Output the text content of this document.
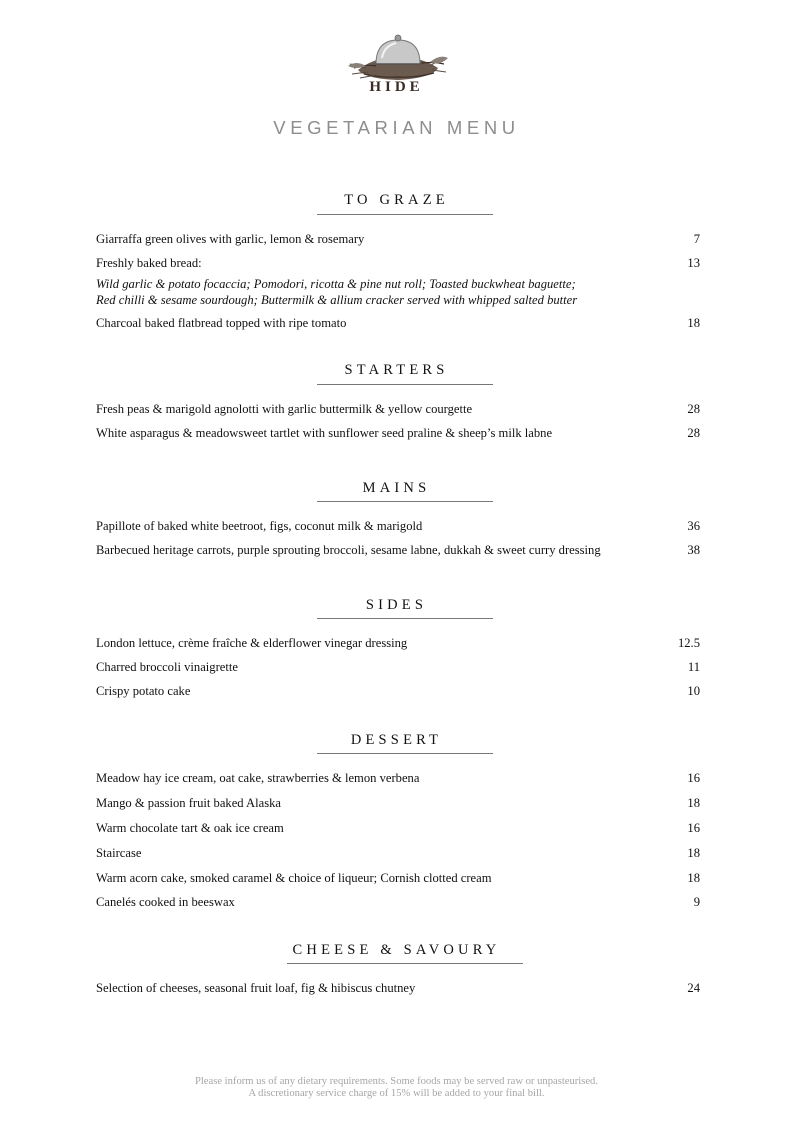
HIDE
VEGETARIAN MENU
TO GRAZE
Giarraffa green olives with garlic, lemon & rosemary	7
Freshly baked bread:	13
Wild garlic & potato focaccia; Pomodori, ricotta & pine nut roll; Toasted buckwheat baguette;
Red chilli & sesame sourdough; Buttermilk & allium cracker served with whipped salted butter
Charcoal baked flatbread topped with ripe tomato	18
STARTERS
Fresh peas & marigold agnolotti with garlic buttermilk & yellow courgette	28
White asparagus & meadowsweet tartlet with sunflower seed praline & sheep’s milk labne	28
MAINS
Papillote of baked white beetroot, figs, coconut milk & marigold	36
Barbecued heritage carrots, purple sprouting broccoli, sesame labne, dukkah & sweet curry dressing	38
SIDES
London lettuce, crème fraîche & elderflower vinegar dressing	12.5
Charred broccoli vinaigrette	11
Crispy potato cake	10
DESSERT
Meadow hay ice cream, oat cake, strawberries & lemon verbena	16
Mango & passion fruit baked Alaska	18
Warm chocolate tart & oak ice cream	16
Staircase	18
Warm acorn cake, smoked caramel & choice of liqueur; Cornish clotted cream	18
Canelés cooked in beeswax	9
CHEESE & SAVOURY
Selection of cheeses, seasonal fruit loaf, fig & hibiscus chutney	24
Please inform us of any dietary requirements. Some foods may be served raw or unpasteurised.
A discretionary service charge of 15% will be added to your final bill.
